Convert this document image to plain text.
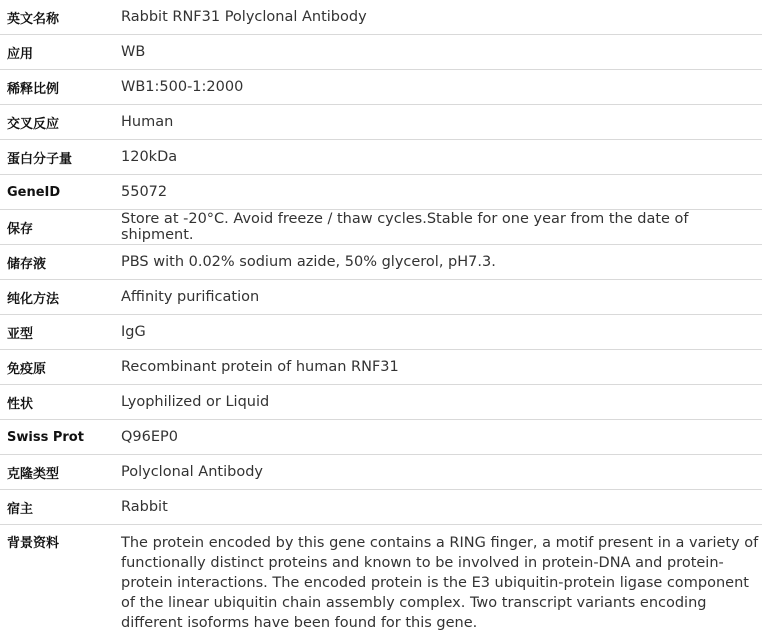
英文名称	Rabbit RNF31 Polyclonal Antibody
应用	WB
稀释比例	WB1:500-1:2000
交叉反应	Human
蛋白分子量	120kDa
GeneID	55072
保存	Store at -20°C. Avoid freeze / thaw cycles.Stable for one year from the date of shipment.
储存液	PBS with 0.02% sodium azide, 50% glycerol, pH7.3.
纯化方法	Affinity purification
亚型	IgG
免疫原	Recombinant protein of human RNF31
性状	Lyophilized or Liquid
Swiss Prot	Q96EP0
克隆类型	Polyclonal Antibody
宿主	Rabbit
背景资料	The protein encoded by this gene contains a RING finger, a motif present in a variety of functionally distinct proteins and known to be involved in protein-DNA and protein-protein interactions. The encoded protein is the E3 ubiquitin-protein ligase component of the linear ubiquitin chain assembly complex. Two transcript variants encoding different isoforms have been found for this gene.
